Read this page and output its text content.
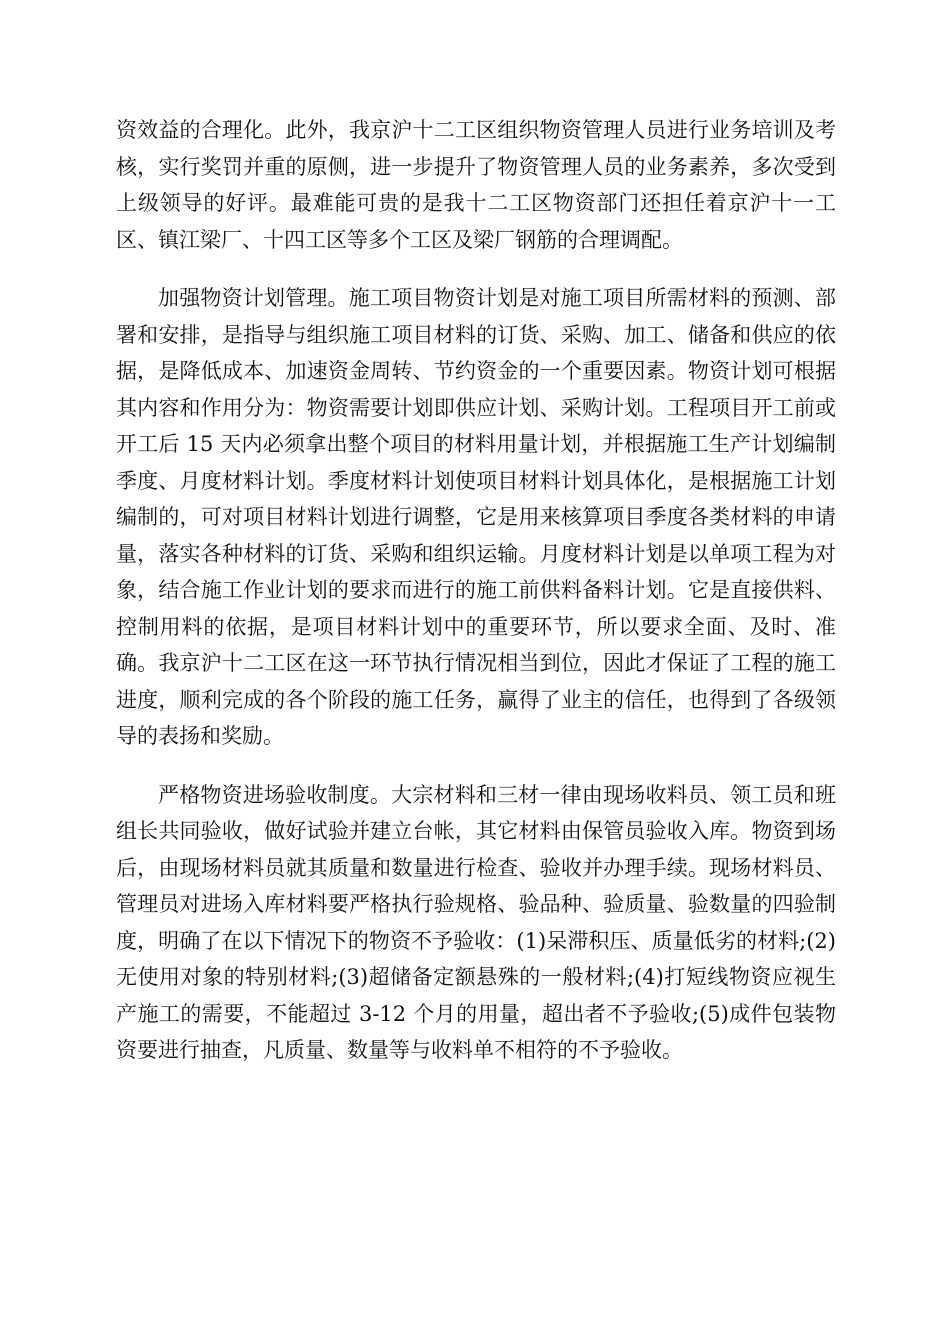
资效益的合理化。此外，我京沪十二工区组织物资管理人员进行业务培训及考核，实行奖罚并重的原侧，进一步提升了物资管理人员的业务素养，多次受到上级领导的好评。最难能可贵的是我十二工区物资部门还担任着京沪十一工区、镇江梁厂、十四工区等多个工区及梁厂钢筋的合理调配。

加强物资计划管理。施工项目物资计划是对施工项目所需材料的预测、部署和安排，是指导与组织施工项目材料的订货、采购、加工、储备和供应的依据，是降低成本、加速资金周转、节约资金的一个重要因素。物资计划可根据其内容和作用分为：物资需要计划即供应计划、采购计划。工程项目开工前或开工后 15 天内必须拿出整个项目的材料用量计划，并根据施工生产计划编制季度、月度材料计划。季度材料计划使项目材料计划具体化，是根据施工计划编制的，可对项目材料计划进行调整，它是用来核算项目季度各类材料的申请量，落实各种材料的订货、采购和组织运输。月度材料计划是以单项工程为对象，结合施工作业计划的要求而进行的施工前供料备料计划。它是直接供料、控制用料的依据，是项目材料计划中的重要环节，所以要求全面、及时、准确。我京沪十二工区在这一环节执行情况相当到位，因此才保证了工程的施工进度，顺利完成的各个阶段的施工任务，赢得了业主的信任，也得到了各级领导的表扬和奖励。

严格物资进场验收制度。大宗材料和三材一律由现场收料员、领工员和班组长共同验收，做好试验并建立台帐，其它材料由保管员验收入库。物资到场后，由现场材料员就其质量和数量进行检查、验收并办理手续。现场材料员、管理员对进场入库材料要严格执行验规格、验品种、验质量、验数量的四验制度，明确了在以下情况下的物资不予验收：(1)呆滞积压、质量低劣的材料;(2)无使用对象的特别材料;(3)超储备定额悬殊的一般材料;(4)打短线物资应视生产施工的需要，不能超过 3-12 个月的用量，超出者不予验收;(5)成件包装物资要进行抽查，凡质量、数量等与收料单不相符的不予验收。
